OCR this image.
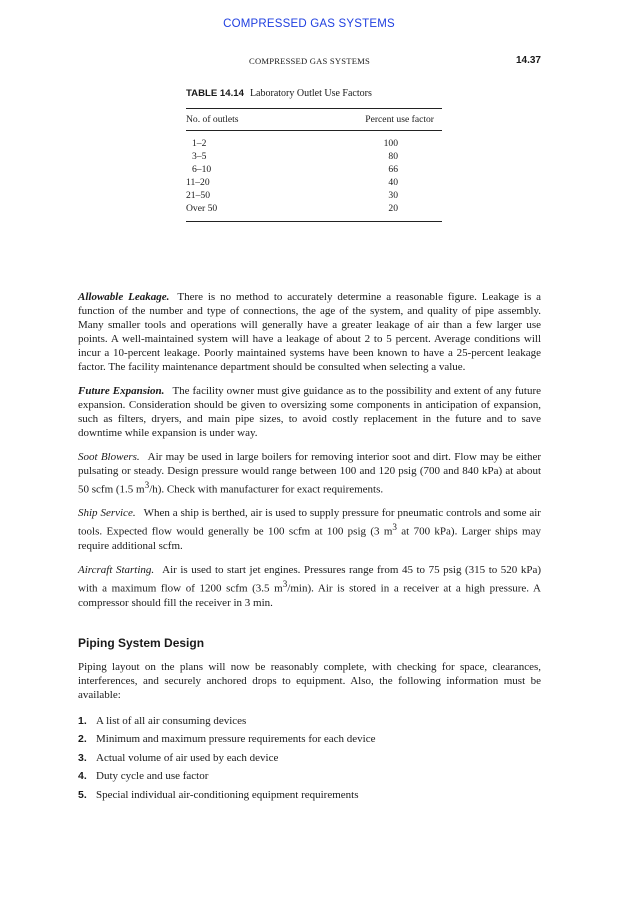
COMPRESSED GAS SYSTEMS
COMPRESSED GAS SYSTEMS	14.37
TABLE 14.14 Laboratory Outlet Use Factors
No. of outlets	Percent use factor
1–2	100
3–5	80
6–10	66
11–20	40
21–50	30
Over 50	20

Allowable Leakage. There is no method to accurately determine a reasonable figure. Leakage is a function of the number and type of connections, the age of the system, and quality of pipe assembly. Many smaller tools and operations will generally have a greater leakage of air than a few larger use points. A well-maintained system will have a leakage of about 2 to 5 percent. Average conditions will incur a 10-percent leakage. Poorly maintained systems have been known to have a 25-percent leakage factor. The facility maintenance department should be consulted when selecting a value.

Future Expansion. The facility owner must give guidance as to the possibility and extent of any future expansion. Consideration should be given to oversizing some components in anticipation of expansion, such as filters, dryers, and main pipe sizes, to avoid costly replacement in the future and to save downtime while expansion is under way.

Soot Blowers. Air may be used in large boilers for removing interior soot and dirt. Flow may be either pulsating or steady. Design pressure would range between 100 and 120 psig (700 and 840 kPa) at about 50 scfm (1.5 $m^3/h$). Check with manufacturer for exact requirements.

Ship Service. When a ship is berthed, air is used to supply pressure for pneumatic controls and some air tools. Expected flow would generally be 100 scfm at 100 psig (3 $m^3$ at 700 kPa). Larger ships may require additional scfm.

Aircraft Starting. Air is used to start jet engines. Pressures range from 45 to 75 psig (315 to 520 kPa) with a maximum flow of 1200 scfm (3.5 $m^3/\min$). Air is stored in a receiver at a high pressure. A compressor should fill the receiver in 3 min.

Piping System Design

Piping layout on the plans will now be reasonably complete, with checking for space, clearances, interferences, and securely anchored drops to equipment. Also, the following information must be available:

1. A list of all air consuming devices
2. Minimum and maximum pressure requirements for each device
3. Actual volume of air used by each device
4. Duty cycle and use factor
5. Special individual air-conditioning equipment requirements
